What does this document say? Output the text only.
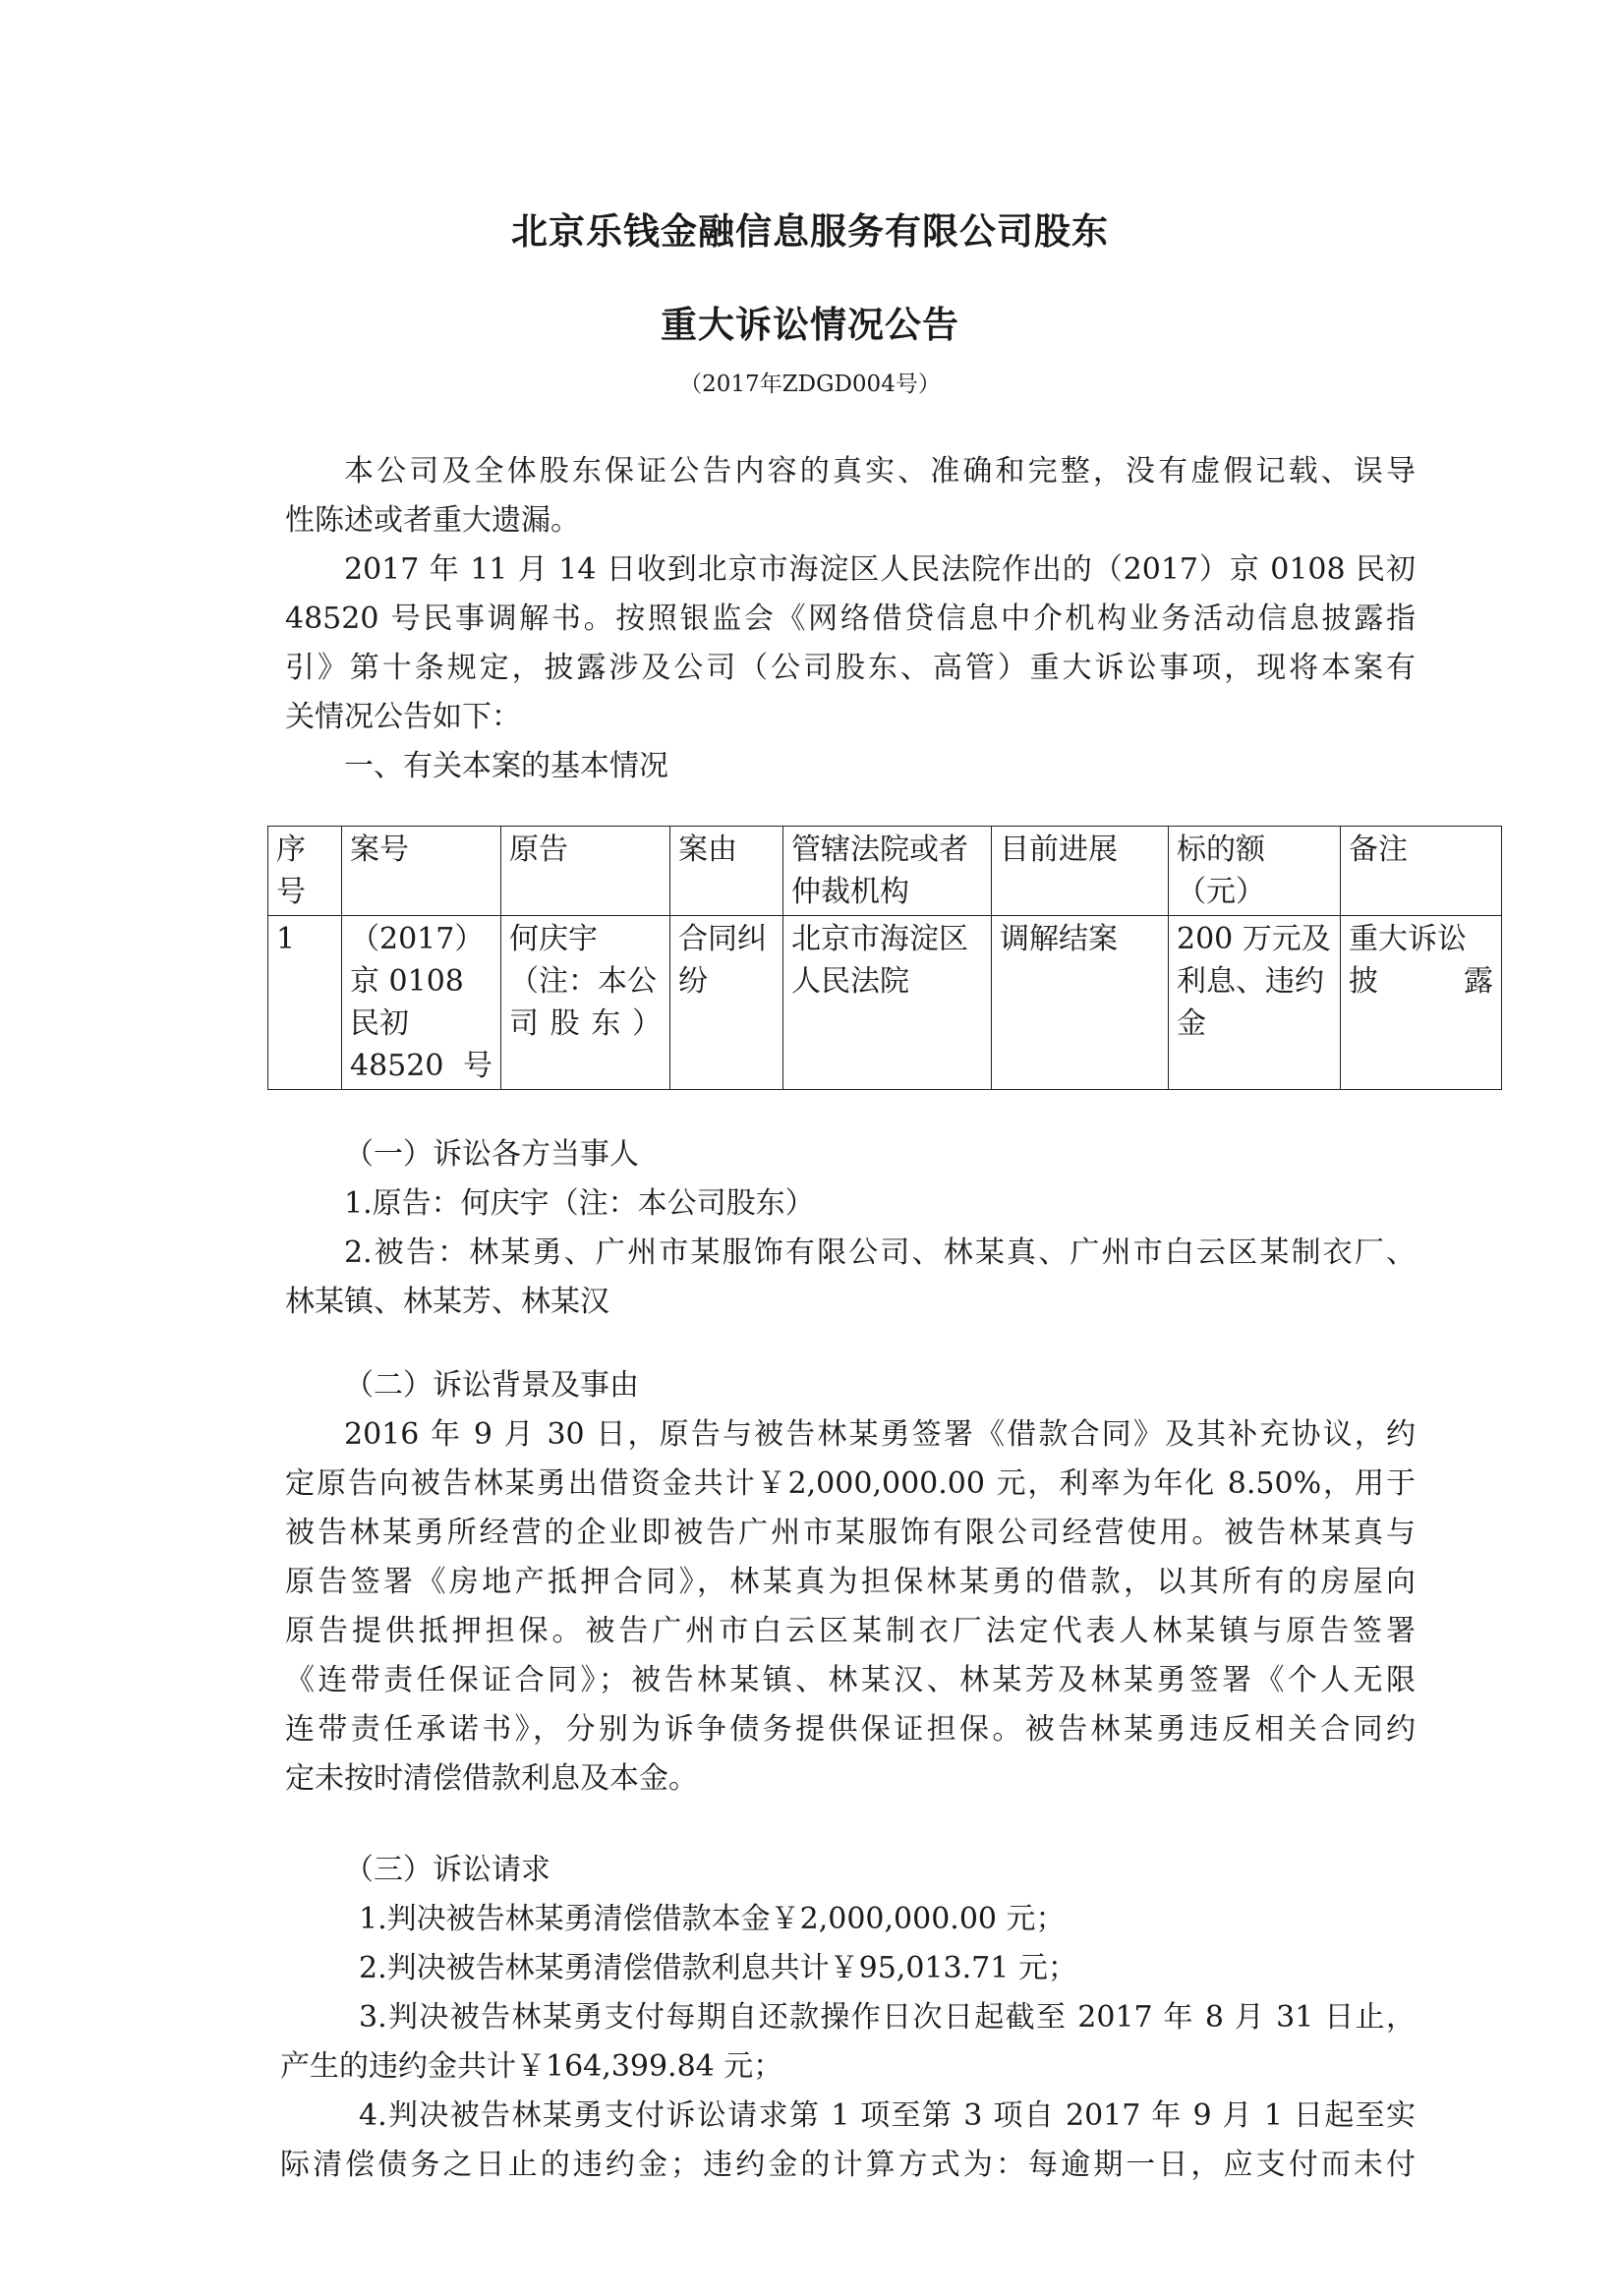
北京乐钱金融信息服务有限公司股东
重大诉讼情况公告
（2017年ZDGD004号）
本公司及全体股东保证公告内容的真实、准确和完整，没有虚假记载、误导
性陈述或者重大遗漏。
2017 年 11 月 14 日收到北京市海淀区人民法院作出的（2017）京 0108 民初
48520 号民事调解书。按照银监会《网络借贷信息中介机构业务活动信息披露指
引》第十条规定，披露涉及公司（公司股东、高管）重大诉讼事项，现将本案有
关情况公告如下：
一、有关本案的基本情况
序号	案号	原告	案由	管辖法院或者仲裁机构	目前进展	标的额（元）	备注
1	（2017）京 0108 民初 48520 号	何庆宇（注：本公司股东）	合同纠纷	北京市海淀区人民法院	调解结案	200 万元及利息、违约金	重大诉讼披露
（一）诉讼各方当事人
1.原告：何庆宇（注：本公司股东）
2.被告：林某勇、广州市某服饰有限公司、林某真、广州市白云区某制衣厂、
林某镇、林某芳、林某汉
（二）诉讼背景及事由
2016 年 9 月 30 日，原告与被告林某勇签署《借款合同》及其补充协议，约
定原告向被告林某勇出借资金共计￥2,000,000.00 元，利率为年化 8.50%，用于
被告林某勇所经营的企业即被告广州市某服饰有限公司经营使用。被告林某真与
原告签署《房地产抵押合同》，林某真为担保林某勇的借款，以其所有的房屋向
原告提供抵押担保。被告广州市白云区某制衣厂法定代表人林某镇与原告签署
《连带责任保证合同》；被告林某镇、林某汉、林某芳及林某勇签署《个人无限
连带责任承诺书》，分别为诉争债务提供保证担保。被告林某勇违反相关合同约
定未按时清偿借款利息及本金。
（三）诉讼请求
1.判决被告林某勇清偿借款本金￥2,000,000.00 元；
2.判决被告林某勇清偿借款利息共计￥95,013.71 元；
3.判决被告林某勇支付每期自还款操作日次日起截至 2017 年 8 月 31 日止，
产生的违约金共计￥164,399.84 元；
4.判决被告林某勇支付诉讼请求第 1 项至第 3 项自 2017 年 9 月 1 日起至实
际清偿债务之日止的违约金；违约金的计算方式为：每逾期一日，应支付而未付
